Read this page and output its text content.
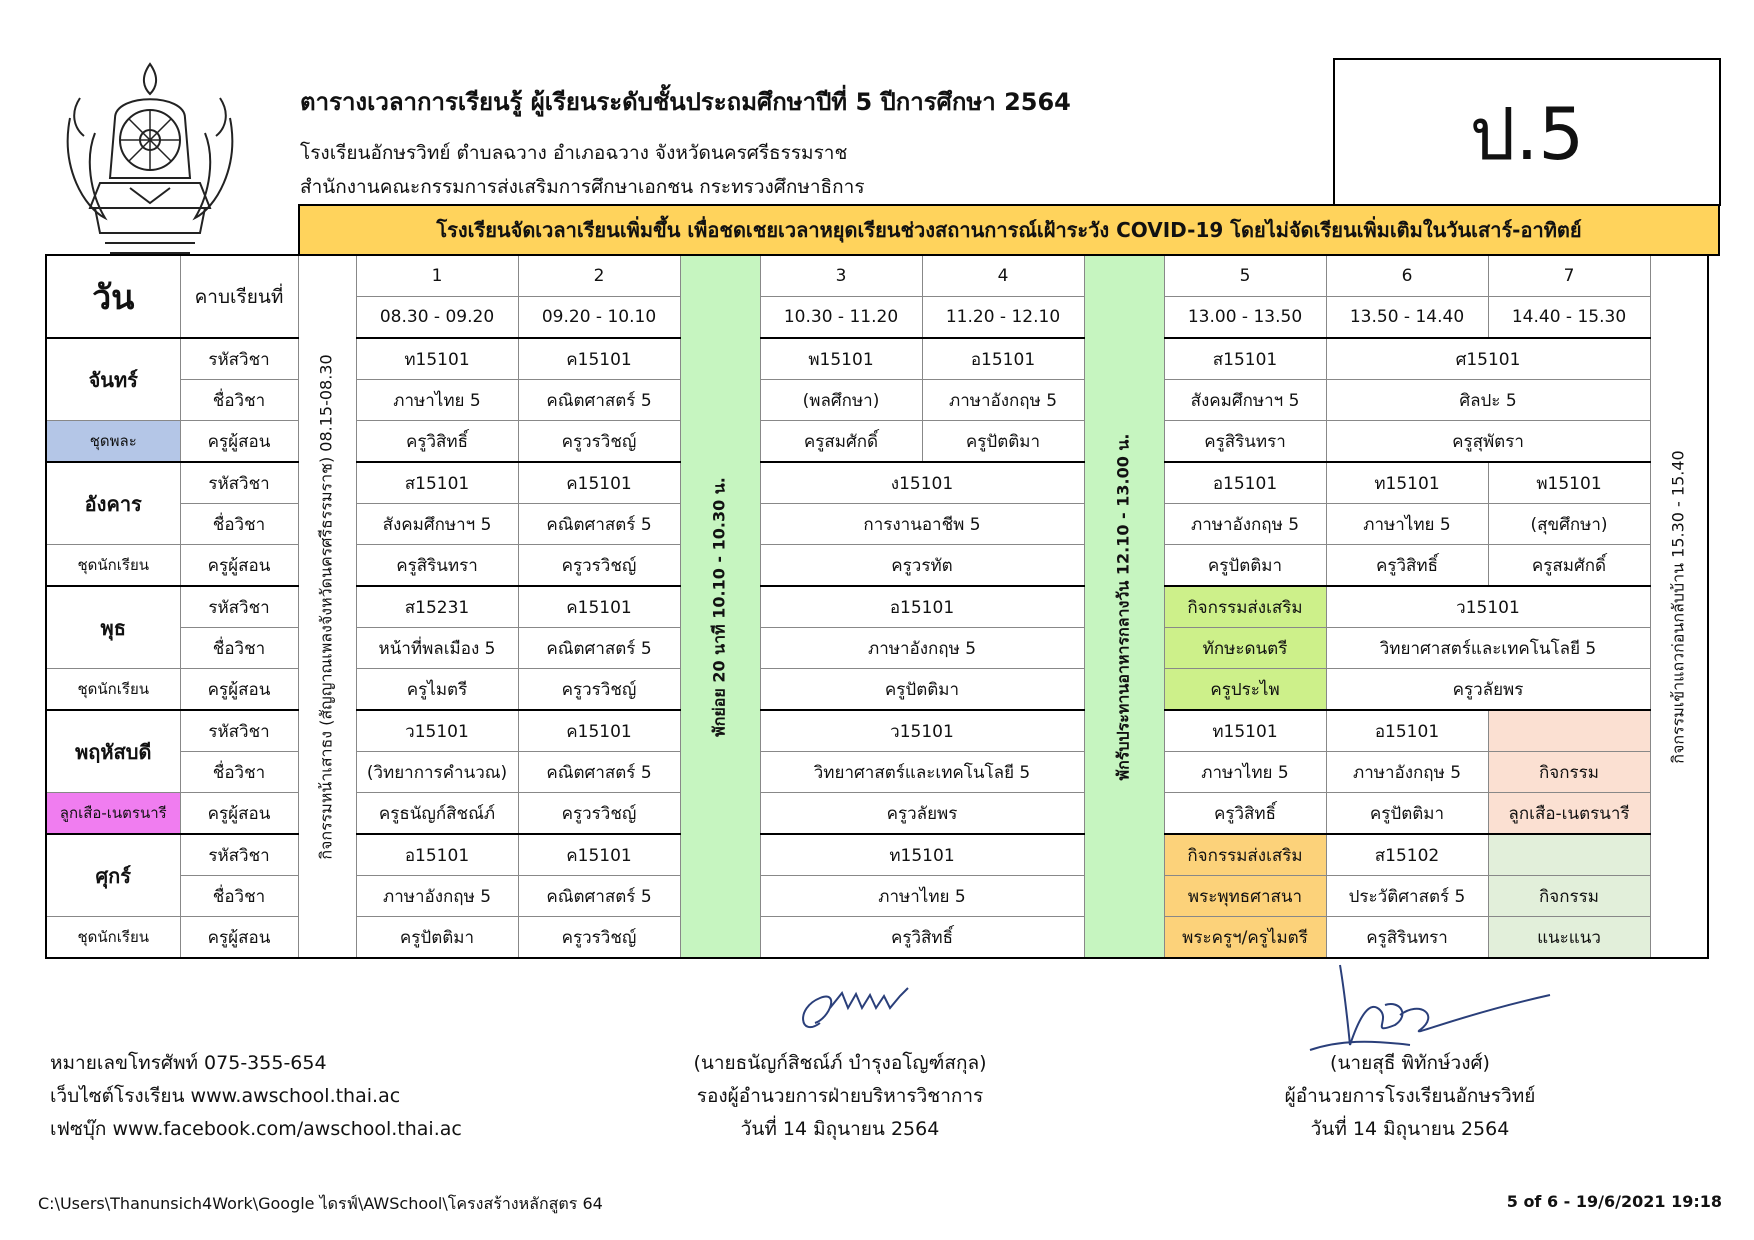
ตารางเวลาการเรียนรู้ ผู้เรียนระดับชั้นประถมศึกษาปีที่ 5 ปีการศึกษา 2564
โรงเรียนอักษรวิทย์ ตำบลฉวาง อำเภอฉวาง จังหวัดนครศรีธรรมราช
สำนักงานคณะกรรมการส่งเสริมการศึกษาเอกชน กระทรวงศึกษาธิการ
ป.5
โรงเรียนจัดเวลาเรียนเพิ่มขึ้น เพื่อชดเชยเวลาหยุดเรียนช่วงสถานการณ์เฝ้าระวัง COVID-19 โดยไม่จัดเรียนเพิ่มเติมในวันเสาร์-อาทิตย์
วัน	คาบเรียนที่	กิจกรรมหน้าเสาธง (สัญญาณเพลงจังหวัดนครศรีธรรมราช) 08.15-08.30	1	2	พักย่อย 20 นาที 10.10 - 10.30 น.	3	4	พักรับประทานอาหารกลางวัน 12.10 - 13.00 น.	5	6	7	กิจกรรมเข้าแถวก่อนกลับบ้าน 15.30 - 15.40

			08.30 - 09.20	09.20 - 10.10		10.30 - 11.20	11.20 - 12.10		13.00 - 13.50	13.50 - 14.40	14.40 - 15.30	
จันทร์	รหัสวิชา		ท15101	ค15101		พ15101	อ15101		ส15101	ศ15101		
	ชื่อวิชา		ภาษาไทย 5	คณิตศาสตร์ 5		(พลศึกษา)	ภาษาอังกฤษ 5		สังคมศึกษาฯ 5	ศิลปะ 5		
ชุดพละ	ครูผู้สอน		ครูวิสิทธิ์	ครูวรวิชญ์		ครูสมศักดิ์	ครูปัตติมา		ครูสิรินทรา	ครูสุพัตรา		
อังคาร	รหัสวิชา		ส15101	ค15101		ง15101			อ15101	ท15101	พ15101	
	ชื่อวิชา		สังคมศึกษาฯ 5	คณิตศาสตร์ 5		การงานอาชีพ 5			ภาษาอังกฤษ 5	ภาษาไทย 5	(สุขศึกษา)	
ชุดนักเรียน	ครูผู้สอน		ครูสิรินทรา	ครูวรวิชญ์		ครูวรทัต			ครูปัตติมา	ครูวิสิทธิ์	ครูสมศักดิ์	
พุธ	รหัสวิชา		ส15231	ค15101		อ15101			กิจกรรมส่งเสริม	ว15101		
	ชื่อวิชา		หน้าที่พลเมือง 5	คณิตศาสตร์ 5		ภาษาอังกฤษ 5			ทักษะดนตรี	วิทยาศาสตร์และเทคโนโลยี 5		
ชุดนักเรียน	ครูผู้สอน		ครูไมตรี	ครูวรวิชญ์		ครูปัตติมา			ครูประไพ	ครูวลัยพร		
พฤหัสบดี	รหัสวิชา		ว15101	ค15101		ว15101			ท15101	อ15101		
	ชื่อวิชา		(วิทยาการคำนวณ)	คณิตศาสตร์ 5		วิทยาศาสตร์และเทคโนโลยี 5			ภาษาไทย 5	ภาษาอังกฤษ 5	กิจกรรม	
ลูกเสือ-เนตรนารี	ครูผู้สอน		ครูธนัญก์สิชณ์ภ์	ครูวรวิชญ์		ครูวลัยพร			ครูวิสิทธิ์	ครูปัตติมา	ลูกเสือ-เนตรนารี	
ศุกร์	รหัสวิชา		อ15101	ค15101		ท15101			กิจกรรมส่งเสริม	ส15102		
	ชื่อวิชา		ภาษาอังกฤษ 5	คณิตศาสตร์ 5		ภาษาไทย 5			พระพุทธศาสนา	ประวัติศาสตร์ 5	กิจกรรม	
ชุดนักเรียน	ครูผู้สอน		ครูปัตติมา	ครูวรวิชญ์		ครูวิสิทธิ์			พระครูฯ/ครูไมตรี	ครูสิรินทรา	แนะแนว	
หมายเลขโทรศัพท์ 075-355-654
เว็บไซต์โรงเรียน www.awschool.thai.ac
เฟซบุ๊ก www.facebook.com/awschool.thai.ac
(นายธนัญก์สิชณ์ภ์ บำรุงอโญฑ์สกุล)
รองผู้อำนวยการฝ่ายบริหารวิชาการ
วันที่ 14 มิถุนายน 2564
(นายสุธี พิทักษ์วงศ์)
ผู้อำนวยการโรงเรียนอักษรวิทย์
วันที่ 14 มิถุนายน 2564
C:\Users\Thanunsich4Work\Google ไดรฟ์\AWSchool\โครงสร้างหลักสูตร 64	5 of 6 - 19/6/2021 19:18
